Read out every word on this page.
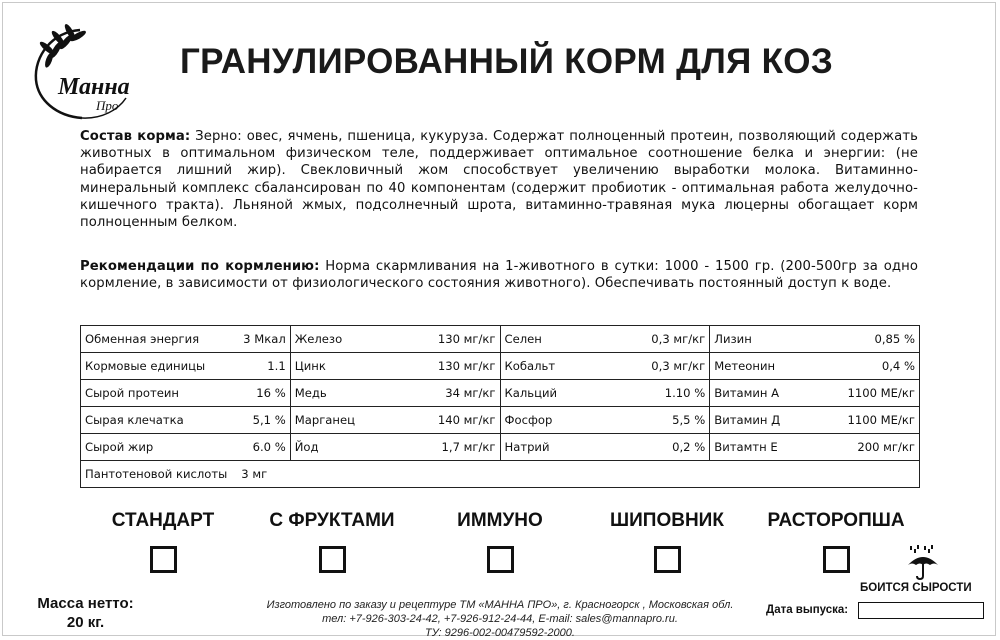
Манна
Про
ГРАНУЛИРОВАННЫЙ КОРМ ДЛЯ КОЗ
Состав корма: Зерно: овес, ячмень, пшеница, кукуруза. Содержат полноценный протеин, позволяющий содержать животных в оптимальном физическом теле, поддерживает оптимальное соотношение белка и энергии: (не набирается лишний жир). Свекловичный жом способствует увеличению выработки молока. Витаминно-минеральный комплекс сбалансирован по 40 компонентам (содержит пробиотик - оптимальная работа желудочно-кишечного тракта). Льняной жмых, подсолнечный шрота, витаминно-травяная мука люцерны обогащает корм полноценным белком.
Рекомендации по кормлению: Норма скармливания на 1-животного в сутки: 1000 - 1500 гр. (200-500гр за одно кормление, в зависимости от физиологического состояния животного). Обеспечивать постоянный доступ к воде.
Обменная энергия 3 Мкал	Железо 130 мг/кг	Селен 0,3 мг/кг	Лизин 0,85 %

Кормовые единицы 1.1	Цинк 130 мг/кг	Кобальт 0,3 мг/кг	Метеонин 0,4 %

Сырой протеин 16 %	Медь 34 мг/кг	Кальций 1.10 %	Витамин А 1100 МЕ/кг

Сырая клечатка 5,1 %	Марганец 140 мг/кг	Фосфор 5,5 %	Витамин Д 1100 МЕ/кг

Сырой жир 6.0 %	Йод 1,7 мг/кг	Натрий 0,2 %	Витамтн Е 200 мг/кг

Пантотеновой кислоты 3 мг			
СТАНДАРТ	С ФРУКТАМИ	ИММУНО	ШИПОВНИК	РАСТОРОПША
БОИТСЯ СЫРОСТИ
Масса нетто:
20 кг.
Изготовлено по заказу и рецептуре ТМ «МАННА ПРО», г. Красногорск , Московская обл.
тел: +7-926-303-24-42, +7-926-912-24-44, E-mail: sales@mannapro.ru.
ТУ: 9296-002-00479592-2000.
Дата выпуска:
